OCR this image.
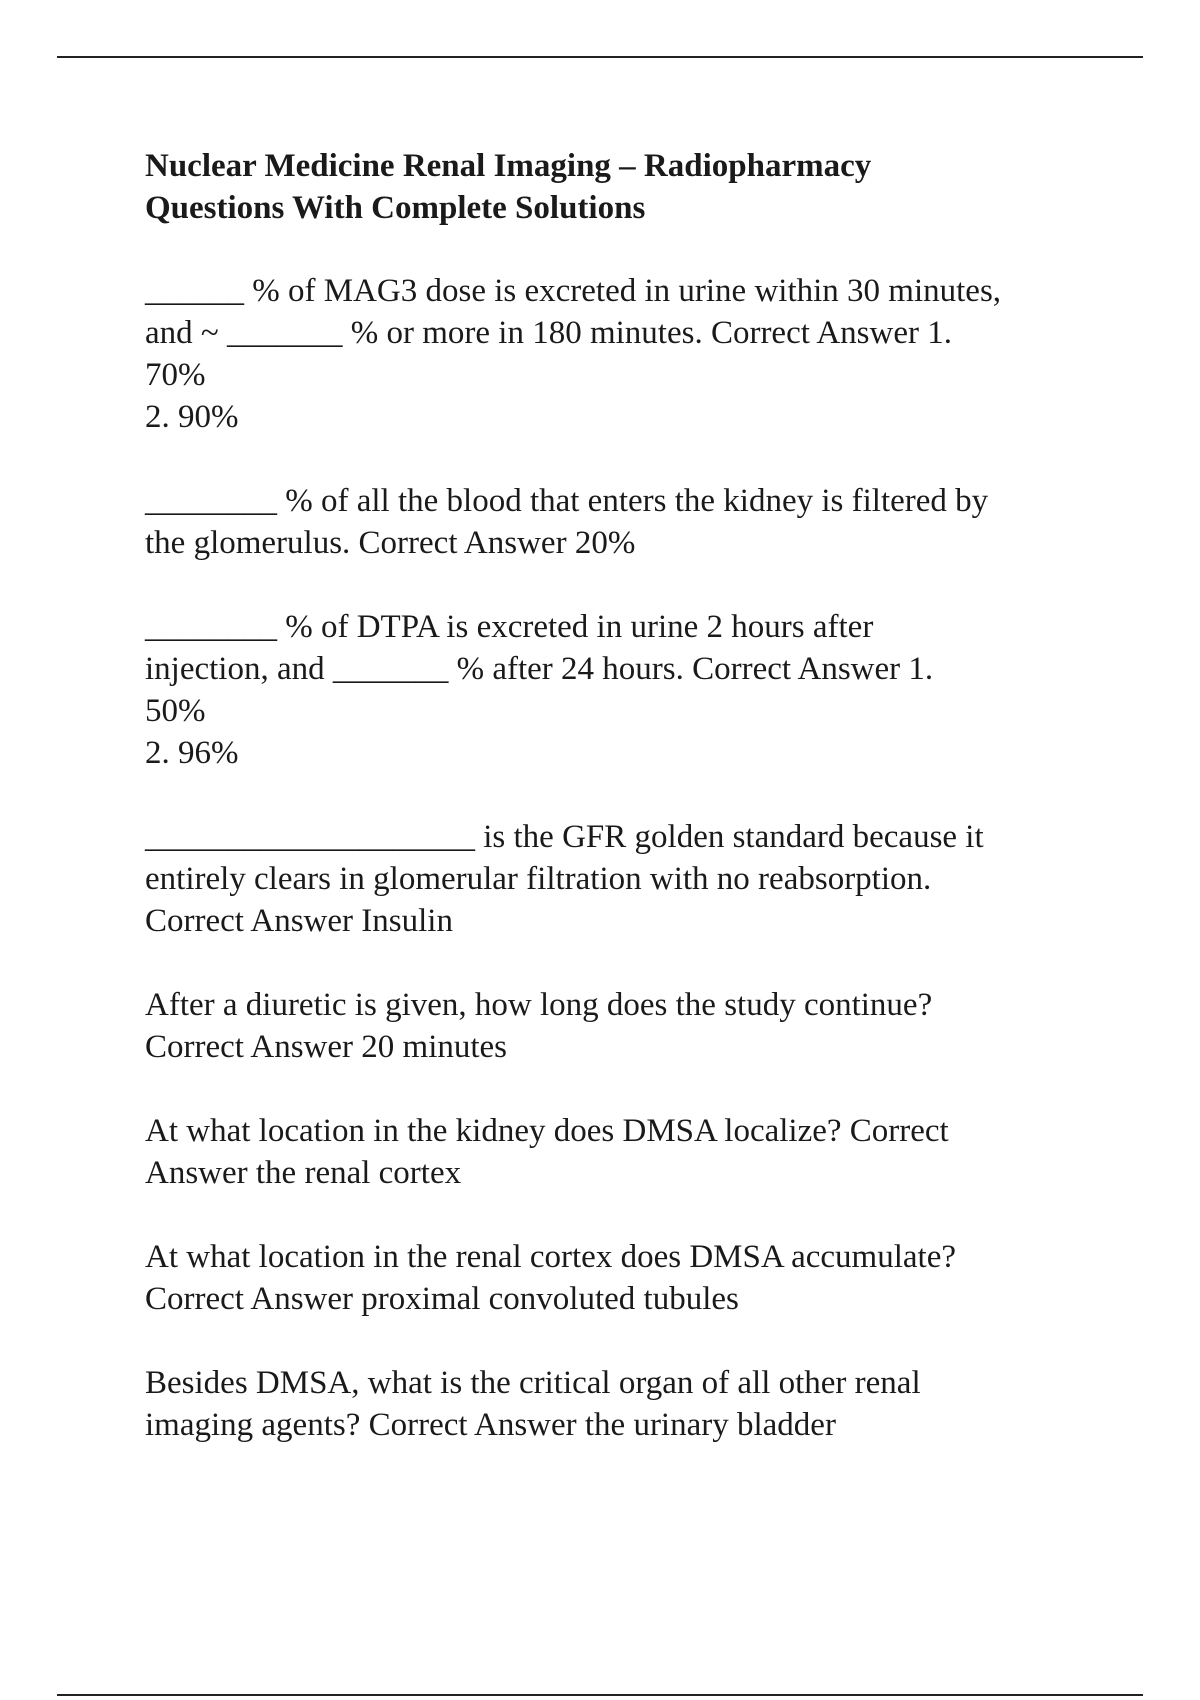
Nuclear Medicine Renal Imaging – Radiopharmacy
Questions With Complete Solutions
______ % of MAG3 dose is excreted in urine within 30 minutes,
and ~ _______ % or more in 180 minutes. Correct Answer 1.
70%
2. 90%
________ % of all the blood that enters the kidney is filtered by
the glomerulus. Correct Answer 20%
________ % of DTPA is excreted in urine 2 hours after
injection, and _______ % after 24 hours. Correct Answer 1.
50%
2. 96%
____________________ is the GFR golden standard because it
entirely clears in glomerular filtration with no reabsorption.
Correct Answer Insulin
After a diuretic is given, how long does the study continue?
Correct Answer 20 minutes
At what location in the kidney does DMSA localize? Correct
Answer the renal cortex
At what location in the renal cortex does DMSA accumulate?
Correct Answer proximal convoluted tubules
Besides DMSA, what is the critical organ of all other renal
imaging agents? Correct Answer the urinary bladder
